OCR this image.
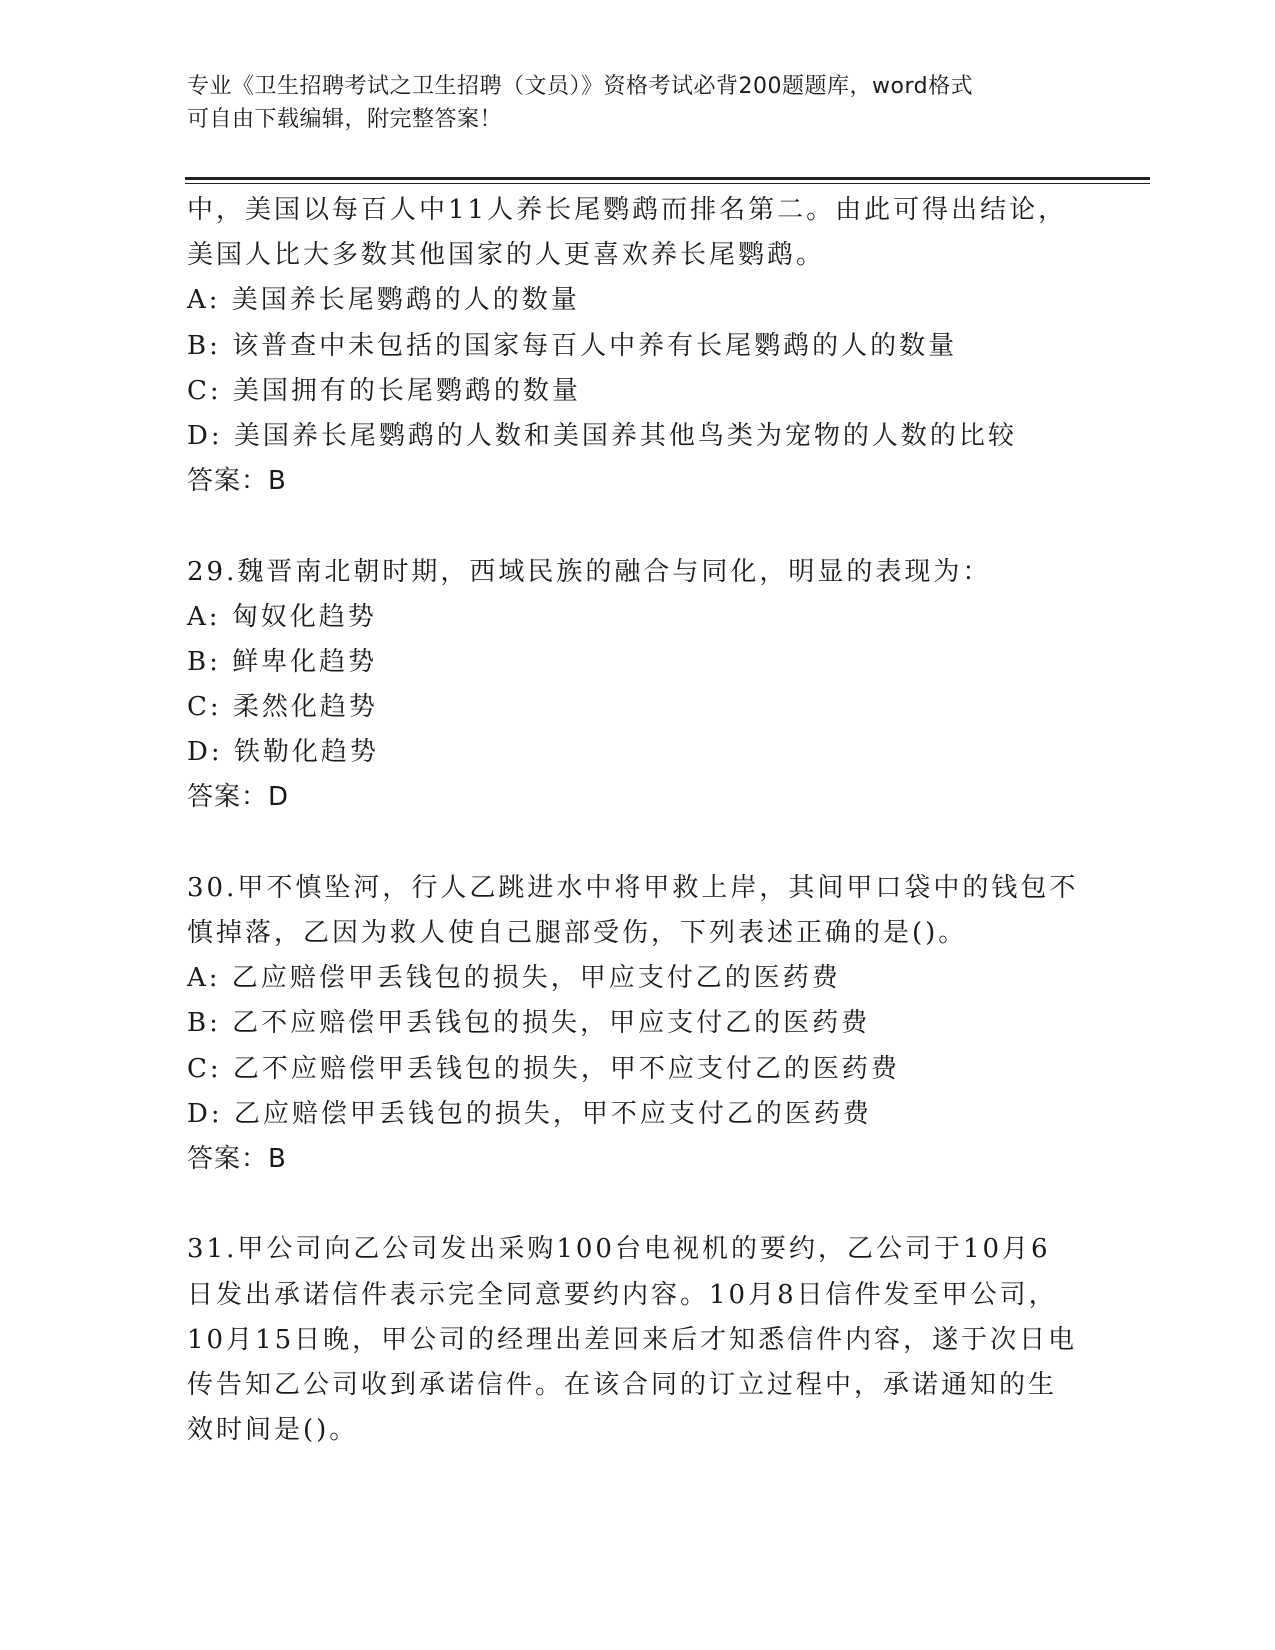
专业《卫生招聘考试之卫生招聘（文员）》资格考试必背200题题库，word格式
可自由下载编辑，附完整答案！
中，美国以每百人中11人养长尾鹦鹉而排名第二。由此可得出结论，
美国人比大多数其他国家的人更喜欢养长尾鹦鹉。
A: 美国养长尾鹦鹉的人的数量
B: 该普查中未包括的国家每百人中养有长尾鹦鹉的人的数量
C: 美国拥有的长尾鹦鹉的数量
D: 美国养长尾鹦鹉的人数和美国养其他鸟类为宠物的人数的比较
答案：B
29.魏晋南北朝时期，西域民族的融合与同化，明显的表现为：
A: 匈奴化趋势
B: 鲜卑化趋势
C: 柔然化趋势
D: 铁勒化趋势
答案：D
30.甲不慎坠河，行人乙跳进水中将甲救上岸，其间甲口袋中的钱包不
慎掉落，乙因为救人使自己腿部受伤，下列表述正确的是()。
A: 乙应赔偿甲丢钱包的损失，甲应支付乙的医药费
B: 乙不应赔偿甲丢钱包的损失，甲应支付乙的医药费
C: 乙不应赔偿甲丢钱包的损失，甲不应支付乙的医药费
D: 乙应赔偿甲丢钱包的损失，甲不应支付乙的医药费
答案：B
31.甲公司向乙公司发出采购100台电视机的要约，乙公司于10月6
日发出承诺信件表示完全同意要约内容。10月8日信件发至甲公司，
10月15日晚，甲公司的经理出差回来后才知悉信件内容，遂于次日电
传告知乙公司收到承诺信件。在该合同的订立过程中，承诺通知的生
效时间是()。
